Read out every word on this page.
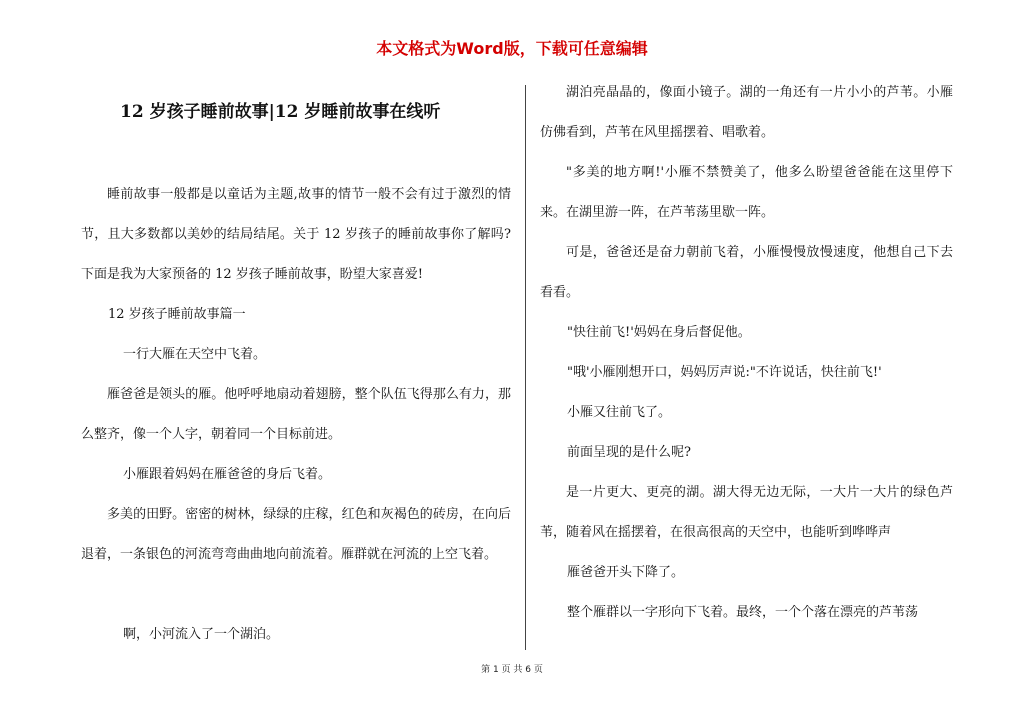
本文格式为Word版，下载可任意编辑
12 岁孩子睡前故事|12 岁睡前故事在线听

睡前故事一般都是以童话为主题,故事的情节一般不会有过于激烈的情节，且大多数都以美妙的结局结尾。关于 12 岁孩子的睡前故事你了解吗?下面是我为大家预备的 12 岁孩子睡前故事，盼望大家喜爱!

12 岁孩子睡前故事篇一

一行大雁在天空中飞着。

雁爸爸是领头的雁。他呼呼地扇动着翅膀，整个队伍飞得那么有力，那么整齐，像一个人字，朝着同一个目标前进。

小雁跟着妈妈在雁爸爸的身后飞着。

多美的田野。密密的树林，绿绿的庄稼，红色和灰褐色的砖房，在向后退着，一条银色的河流弯弯曲曲地向前流着。雁群就在河流的上空飞着。

啊，小河流入了一个湖泊。

湖泊亮晶晶的，像面小镜子。湖的一角还有一片小小的芦苇。小雁仿佛看到，芦苇在风里摇摆着、唱歌着。

"多美的地方啊!'小雁不禁赞美了，他多么盼望爸爸能在这里停下来。在湖里游一阵，在芦苇荡里歇一阵。

可是，爸爸还是奋力朝前飞着，小雁慢慢放慢速度，他想自己下去看看。

"快往前飞!'妈妈在身后督促他。

"哦'小雁刚想开口，妈妈厉声说:"不许说话，快往前飞!'

小雁又往前飞了。

前面呈现的是什么呢?

是一片更大、更亮的湖。湖大得无边无际，一大片一大片的绿色芦苇，随着风在摇摆着，在很高很高的天空中，也能听到哗哗声

雁爸爸开头下降了。

整个雁群以一字形向下飞着。最终，一个个落在漂亮的芦苇荡

第 1 页 共 6 页
